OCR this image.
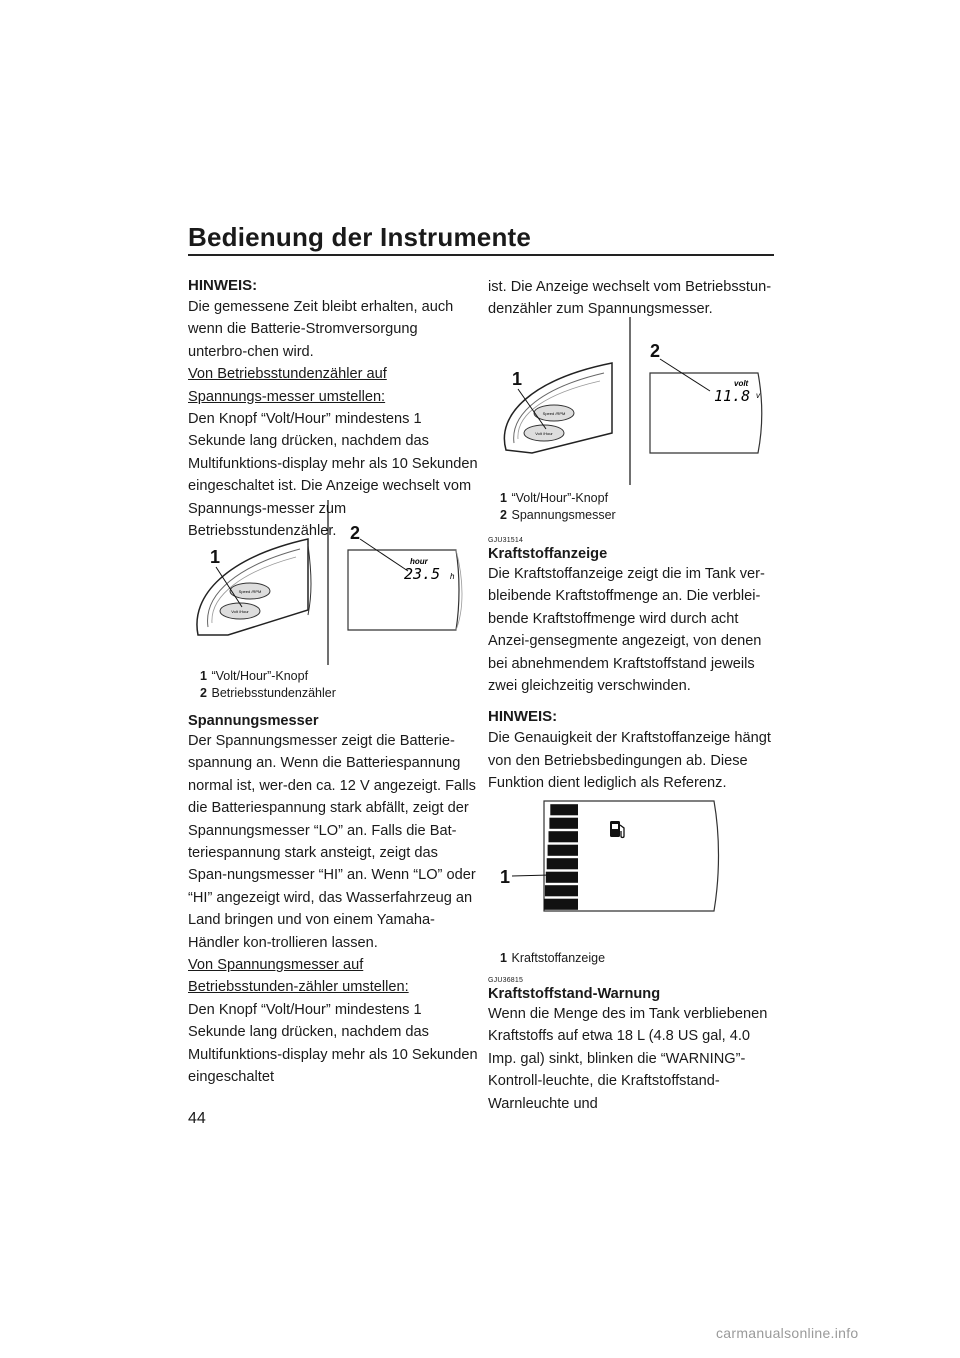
Bedienung der Instrumente

HINWEIS:

Die gemessene Zeit bleibt erhalten, auch wenn die Batterie-Stromversorgung unterbro-chen wird.

Von Betriebsstundenzähler auf Spannungs-messer umstellen:

Den Knopf “Volt/Hour” mindestens 1 Sekunde lang drücken, nachdem das Multifunktions-display mehr als 10 Sekunden eingeschaltet ist. Die Anzeige wechselt vom Spannungs-messer zum Betriebsstundenzähler.

Speed /RPM
Volt /Hour
1
2
hour
23.5 h
1 “Volt/Hour”-Knopf
2 Betriebsstundenzähler

Spannungsmesser

Der Spannungsmesser zeigt die Batterie-spannung an. Wenn die Batteriespannung normal ist, wer-den ca. 12 V angezeigt. Falls die Batteriespannung stark abfällt, zeigt der Spannungsmesser “LO” an. Falls die Bat-teriespannung stark ansteigt, zeigt das Span-nungsmesser “HI” an. Wenn “LO” oder “HI” angezeigt wird, das Wasserfahrzeug an Land bringen und von einem Yamaha-Händler kon-trollieren lassen.

Von Spannungsmesser auf Betriebsstunden-zähler umstellen:

Den Knopf “Volt/Hour” mindestens 1 Sekunde lang drücken, nachdem das Multifunktions-display mehr als 10 Sekunden eingeschaltet

ist. Die Anzeige wechselt vom Betriebsstun-denzähler zum Spannungsmesser.

Speed /RPM
Volt /Hour
1
2
volt
11.8 v
1 “Volt/Hour”-Knopf
2 Spannungsmesser

GJU31514

Kraftstoffanzeige

Die Kraftstoffanzeige zeigt die im Tank ver-bleibende Kraftstoffmenge an. Die verblei-bende Kraftstoffmenge wird durch acht Anzei-gensegmente angezeigt, von denen bei abnehmendem Kraftstoffstand jeweils zwei gleichzeitig verschwinden.

HINWEIS:

Die Genauigkeit der Kraftstoffanzeige hängt von den Betriebsbedingungen ab. Diese Funktion dient lediglich als Referenz.

1
1 Kraftstoffanzeige

GJU36815

Kraftstoffstand-Warnung

Wenn die Menge des im Tank verbliebenen Kraftstoffs auf etwa 18 L (4.8 US gal, 4.0 Imp. gal) sinkt, blinken die “WARNING”-Kontroll-leuchte, die Kraftstoffstand-Warnleuchte und

44
carmanualsonline.info
